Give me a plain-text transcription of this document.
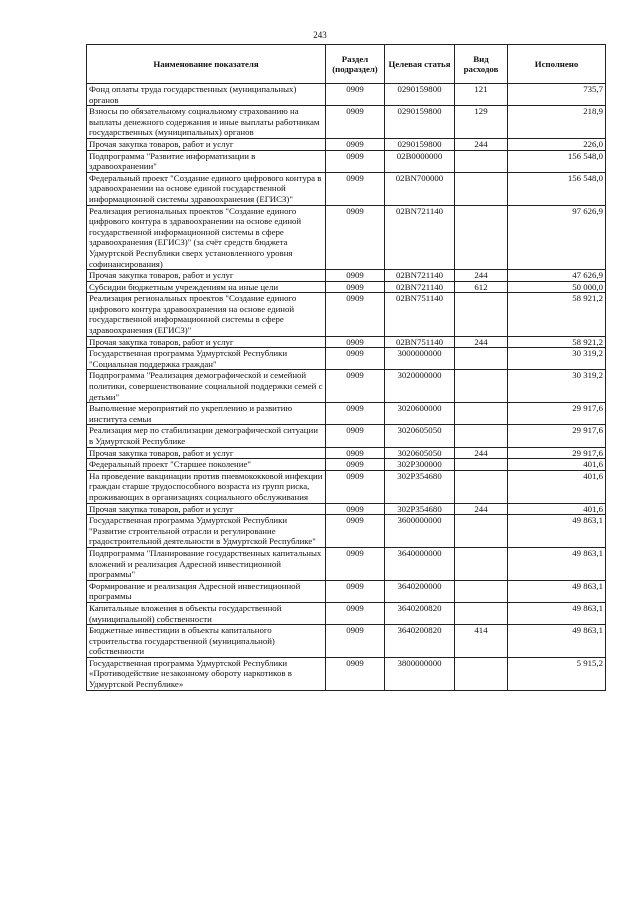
243
Наименование показателя	Раздел (подраздел)	Целевая статья	Вид расходов	Исполнено
Фонд оплаты труда государственных (муниципальных) органов	0909	0290159800	121	735,7
Взносы по обязательному социальному страхованию на выплаты денежного содержания и иные выплаты работникам государственных (муниципальных) органов	0909	0290159800	129	218,9
Прочая закупка товаров, работ и услуг	0909	0290159800	244	226,0
Подпрограмма "Развитие информатизации в здравоохранении"	0909	02В0000000		156 548,0
Федеральный проект "Создание единого цифрового контура в здравоохранении на основе единой государственной информационной системы здравоохранения (ЕГИСЗ)"	0909	02BN700000		156 548,0
Реализация региональных проектов "Создание единого цифрового контура в здравоохранении на основе единой государственной информационной системы в сфере здравоохранения (ЕГИСЗ)" (за счёт средств бюджета Удмуртской Республики сверх установленного уровня софинансирования)	0909	02BN721140		97 626,9
Прочая закупка товаров, работ и услуг	0909	02BN721140	244	47 626,9
Субсидии бюджетным учреждениям на иные цели	0909	02BN721140	612	50 000,0
Реализация региональных проектов "Создание единого цифрового контура здравоохранения на основе единой государственной информационной системы в сфере здравоохранения (ЕГИСЗ)"	0909	02BN751140		58 921,2
Прочая закупка товаров, работ и услуг	0909	02BN751140	244	58 921,2
Государственная программа Удмуртской Республики "Социальная поддержка граждан"	0909	3000000000		30 319,2
Подпрограмма "Реализация демографической и семейной политики, совершенствование социальной поддержки семей с детьми"	0909	3020000000		30 319,2
Выполнение мероприятий по укреплению и развитию института семьи	0909	3020600000		29 917,6
Реализация мер по стабилизации демографической ситуации в Удмуртской Республике	0909	3020605050		29 917,6
Прочая закупка товаров, работ и услуг	0909	3020605050	244	29 917,6
Федеральный проект "Старшее поколение"	0909	302P300000		401,6
На проведение вакцинации против пневмококковой инфекции граждан старше трудоспособного возраста из групп риска, проживающих в организациях социального обслуживания	0909	302P354680		401,6
Прочая закупка товаров, работ и услуг	0909	302P354680	244	401,6
Государственная программа Удмуртской Республики "Развитие строительной отрасли и регулирование градостроительной деятельности в Удмуртской Республике"	0909	3600000000		49 863,1
Подпрограмма "Планирование государственных капитальных вложений и реализация Адресной инвестиционной программы"	0909	3640000000		49 863,1
Формирование и реализация Адресной инвестиционной программы	0909	3640200000		49 863,1
Капитальные вложения в объекты государственной (муниципальной) собственности	0909	3640200820		49 863,1
Бюджетные инвестиции в объекты капитального строительства государственной (муниципальной) собственности	0909	3640200820	414	49 863,1
Государственная программа Удмуртской Республики «Противодействие незаконному обороту наркотиков в Удмуртской Республике»	0909	3800000000		5 915,2
